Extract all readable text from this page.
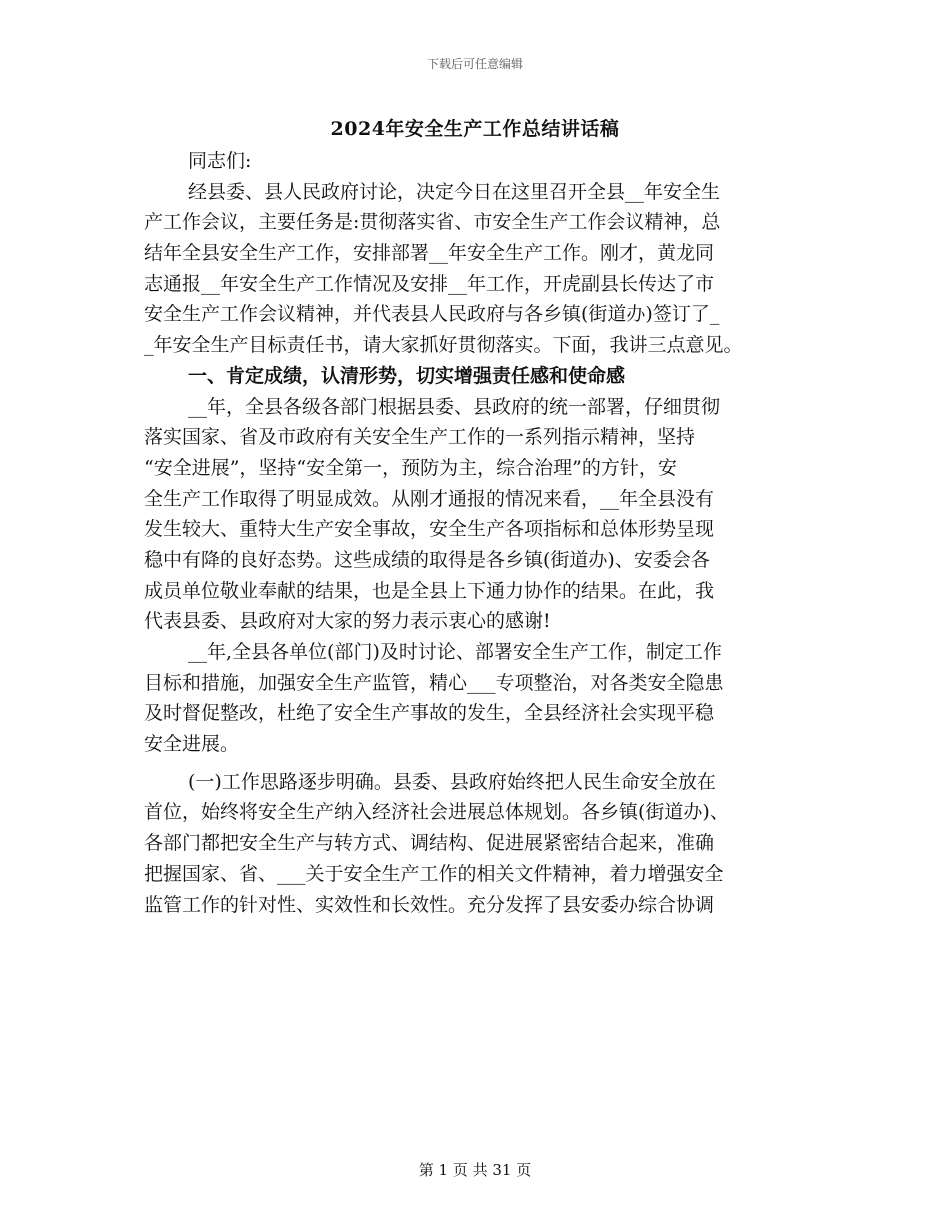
下载后可任意编辑
2024年安全生产工作总结讲话稿
同志们:
经县委、县人民政府讨论，决定今日在这里召开全县__年安全生
产工作会议，主要任务是:贯彻落实省、市安全生产工作会议精神，总
结年全县安全生产工作，安排部署__年安全生产工作。刚才，黄龙同
志通报__年安全生产工作情况及安排__年工作，开虎副县长传达了市
安全生产工作会议精神，并代表县人民政府与各乡镇(街道办)签订了_
_年安全生产目标责任书，请大家抓好贯彻落实。下面，我讲三点意见。
一、肯定成绩，认清形势，切实增强责任感和使命感
__年，全县各级各部门根据县委、县政府的统一部署，仔细贯彻
落实国家、省及市政府有关安全生产工作的一系列指示精神，坚持
“安全进展”，坚持“安全第一，预防为主，综合治理”的方针，安
全生产工作取得了明显成效。从刚才通报的情况来看，__年全县没有
发生较大、重特大生产安全事故，安全生产各项指标和总体形势呈现
稳中有降的良好态势。这些成绩的取得是各乡镇(街道办)、安委会各
成员单位敬业奉献的结果，也是全县上下通力协作的结果。在此，我
代表县委、县政府对大家的努力表示衷心的感谢!
__年,全县各单位(部门)及时讨论、部署安全生产工作，制定工作
目标和措施，加强安全生产监管，精心___专项整治，对各类安全隐患
及时督促整改，杜绝了安全生产事故的发生，全县经济社会实现平稳
安全进展。
(一)工作思路逐步明确。县委、县政府始终把人民生命安全放在
首位，始终将安全生产纳入经济社会进展总体规划。各乡镇(街道办)、
各部门都把安全生产与转方式、调结构、促进展紧密结合起来，准确
把握国家、省、___关于安全生产工作的相关文件精神，着力增强安全
监管工作的针对性、实效性和长效性。充分发挥了县安委办综合协调
第 1 页 共 31 页
